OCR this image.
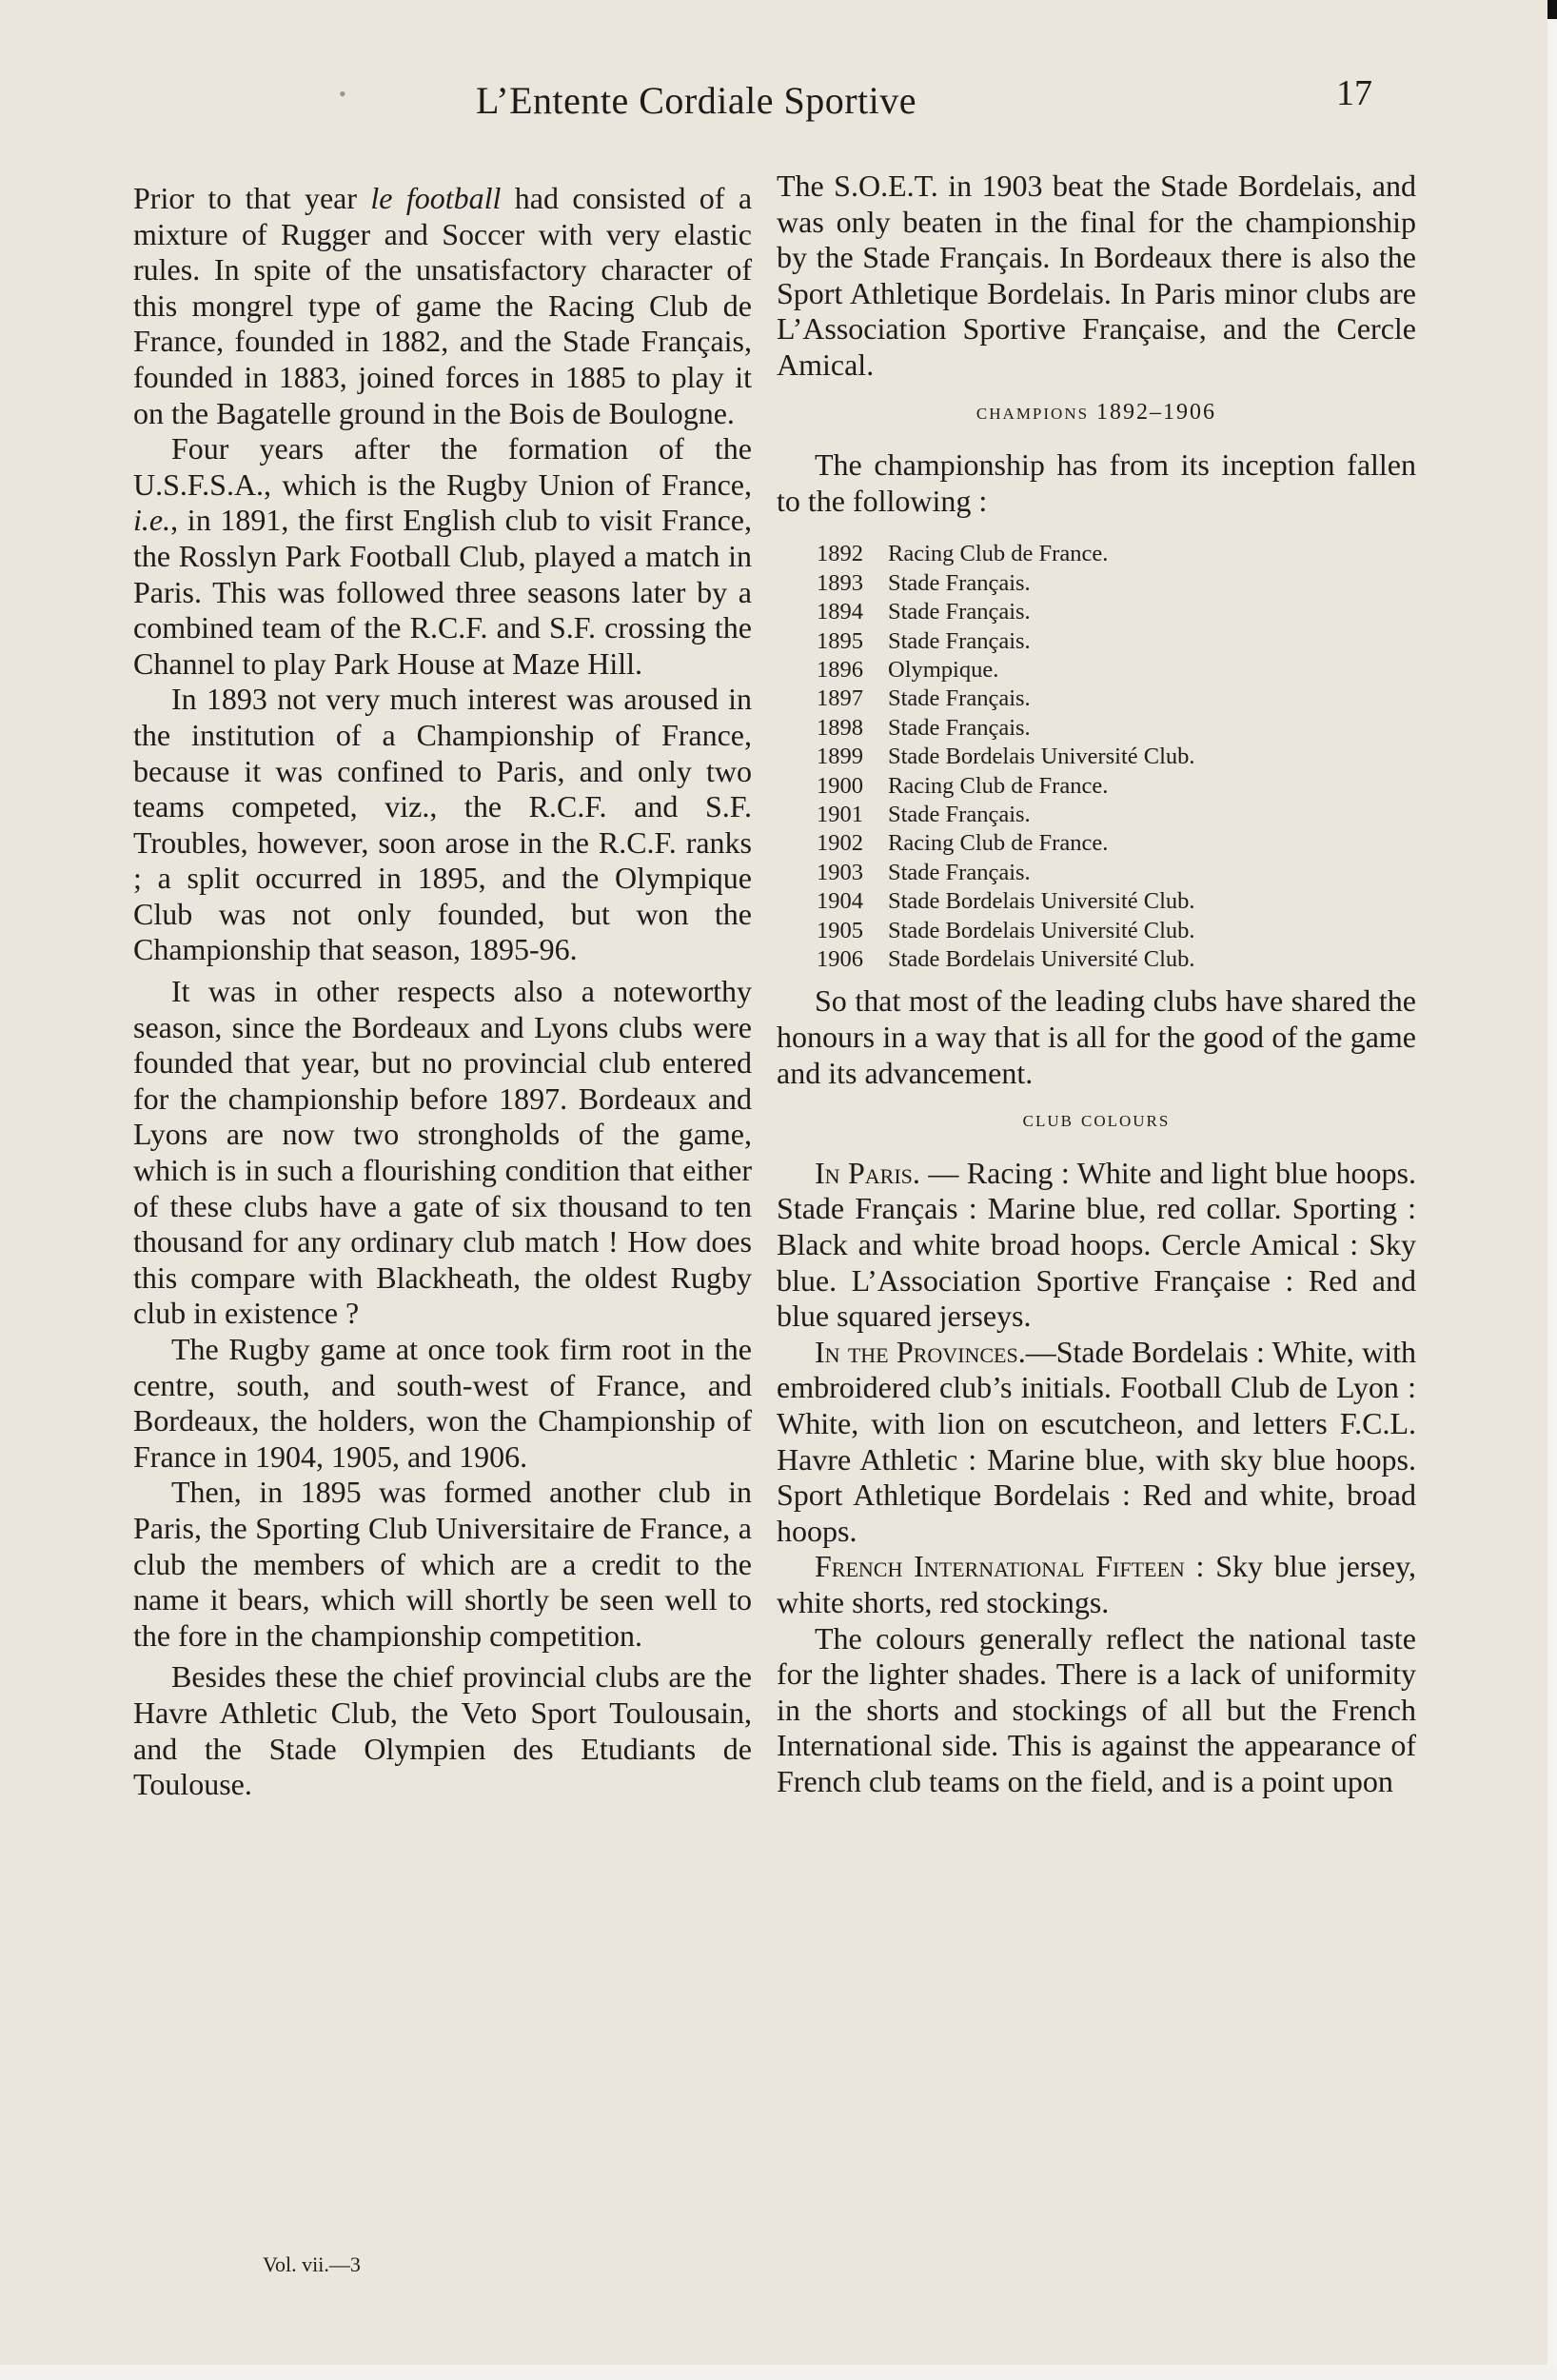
L’Entente Cordiale Sportive	17
•

Prior to that year le football had consisted of a mixture of Rugger and Soccer with very elastic rules. In spite of the unsatisfactory character of this mongrel type of game the Racing Club de France, founded in 1882, and the Stade Français, founded in 1883, joined forces in 1885 to play it on the Bagatelle ground in the Bois de Boulogne.

Four years after the formation of the U.S.F.S.A., which is the Rugby Union of France, i.e., in 1891, the first English club to visit France, the Rosslyn Park Football Club, played a match in Paris. This was followed three seasons later by a combined team of the R.C.F. and S.F. crossing the Channel to play Park House at Maze Hill.

In 1893 not very much interest was aroused in the institution of a Championship of France, because it was confined to Paris, and only two teams competed, viz., the R.C.F. and S.F. Troubles, however, soon arose in the R.C.F. ranks ; a split occurred in 1895, and the Olympique Club was not only founded, but won the Championship that season, 1895-96.

It was in other respects also a noteworthy season, since the Bordeaux and Lyons clubs were founded that year, but no provincial club entered for the championship before 1897. Bordeaux and Lyons are now two strongholds of the game, which is in such a flourishing condition that either of these clubs have a gate of six thousand to ten thousand for any ordinary club match ! How does this compare with Blackheath, the oldest Rugby club in existence ?

The Rugby game at once took firm root in the centre, south, and south-west of France, and Bordeaux, the holders, won the Championship of France in 1904, 1905, and 1906.

Then, in 1895 was formed another club in Paris, the Sporting Club Universitaire de France, a club the members of which are a credit to the name it bears, which will shortly be seen well to the fore in the championship competition.

Besides these the chief provincial clubs are the Havre Athletic Club, the Veto Sport Toulousain, and the Stade Olympien des Etudiants de Toulouse.

The S.O.E.T. in 1903 beat the Stade Bordelais, and was only beaten in the final for the championship by the Stade Français. In Bordeaux there is also the Sport Athletique Bordelais. In Paris minor clubs are L’Association Sportive Française, and the Cercle Amical.

champions 1892–1906

The championship has from its inception fallen to the following :

1892	Racing Club de France.
1893	Stade Français.
1894	Stade Français.
1895	Stade Français.
1896	Olympique.
1897	Stade Français.
1898	Stade Français.
1899	Stade Bordelais Université Club.
1900	Racing Club de France.
1901	Stade Français.
1902	Racing Club de France.
1903	Stade Français.
1904	Stade Bordelais Université Club.
1905	Stade Bordelais Université Club.
1906	Stade Bordelais Université Club.

So that most of the leading clubs have shared the honours in a way that is all for the good of the game and its advancement.

club colours

In Paris. — Racing : White and light blue hoops. Stade Français : Marine blue, red collar. Sporting : Black and white broad hoops. Cercle Amical : Sky blue. L’Association Sportive Française : Red and blue squared jerseys.

In the Provinces.—Stade Bordelais : White, with embroidered club’s initials. Football Club de Lyon : White, with lion on escutcheon, and letters F.C.L. Havre Athletic : Marine blue, with sky blue hoops. Sport Athletique Bordelais : Red and white, broad hoops.

French International Fifteen : Sky blue jersey, white shorts, red stockings.

The colours generally reflect the national taste for the lighter shades. There is a lack of uniformity in the shorts and stockings of all but the French International side. This is against the appearance of French club teams on the field, and is a point upon

Vol. vii.—3
